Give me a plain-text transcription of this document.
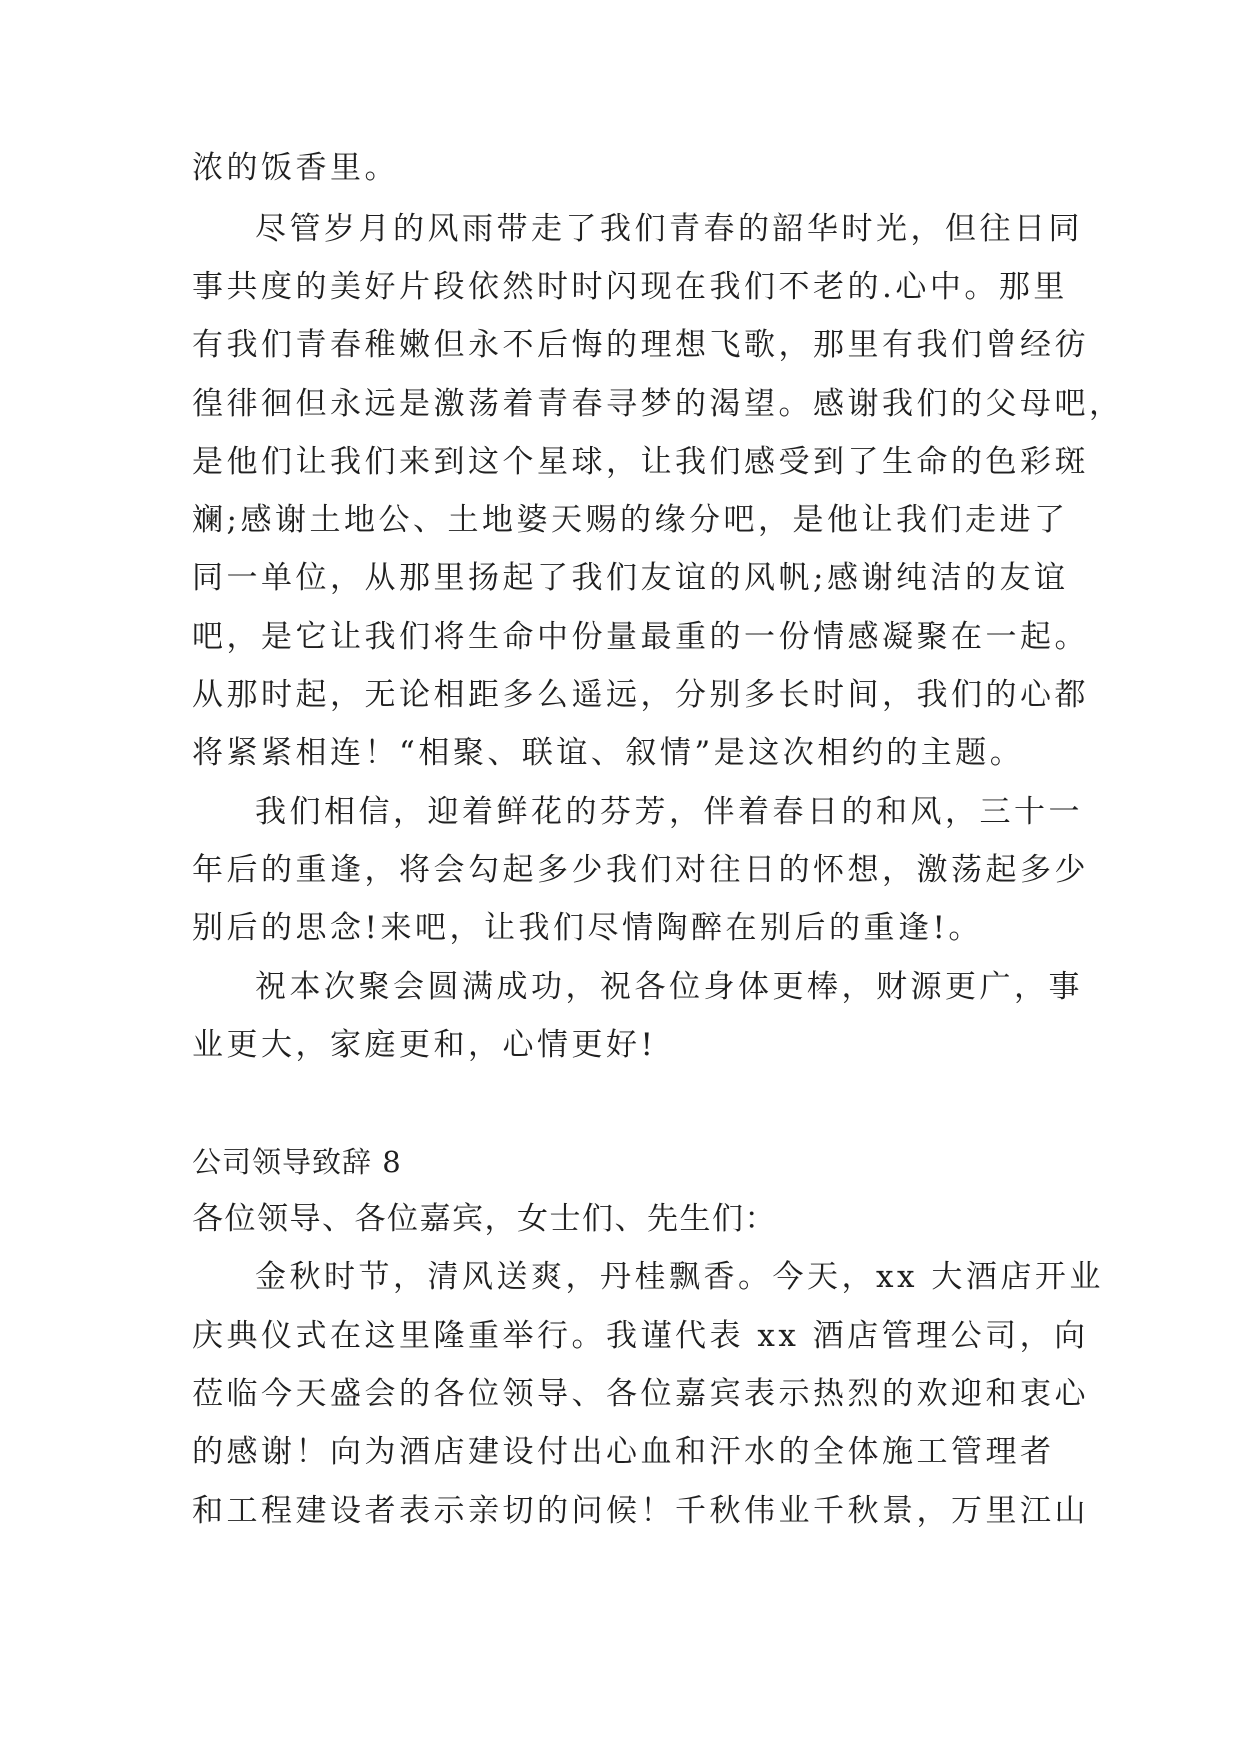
浓的饭香里。
尽管岁月的风雨带走了我们青春的韶华时光，但往日同
事共度的美好片段依然时时闪现在我们不老的.心中。那里
有我们青春稚嫩但永不后悔的理想飞歌，那里有我们曾经彷
徨徘徊但永远是激荡着青春寻梦的渴望。感谢我们的父母吧，
是他们让我们来到这个星球，让我们感受到了生命的色彩斑
斓;感谢土地公、土地婆天赐的缘分吧，是他让我们走进了
同一单位，从那里扬起了我们友谊的风帆;感谢纯洁的友谊
吧，是它让我们将生命中份量最重的一份情感凝聚在一起。
从那时起，无论相距多么遥远，分别多长时间，我们的心都
将紧紧相连！“相聚、联谊、叙情”是这次相约的主题。
我们相信，迎着鲜花的芬芳，伴着春日的和风，三十一
年后的重逢，将会勾起多少我们对往日的怀想，激荡起多少
别后的思念!来吧，让我们尽情陶醉在别后的重逢!。
祝本次聚会圆满成功，祝各位身体更棒，财源更广，事
业更大，家庭更和，心情更好!
公司领导致辞 8
各位领导、各位嘉宾，女士们、先生们：
金秋时节，清风送爽，丹桂飘香。今天，xx 大酒店开业
庆典仪式在这里隆重举行。我谨代表 xx 酒店管理公司，向
莅临今天盛会的各位领导、各位嘉宾表示热烈的欢迎和衷心
的感谢！向为酒店建设付出心血和汗水的全体施工管理者
和工程建设者表示亲切的问候！千秋伟业千秋景，万里江山
